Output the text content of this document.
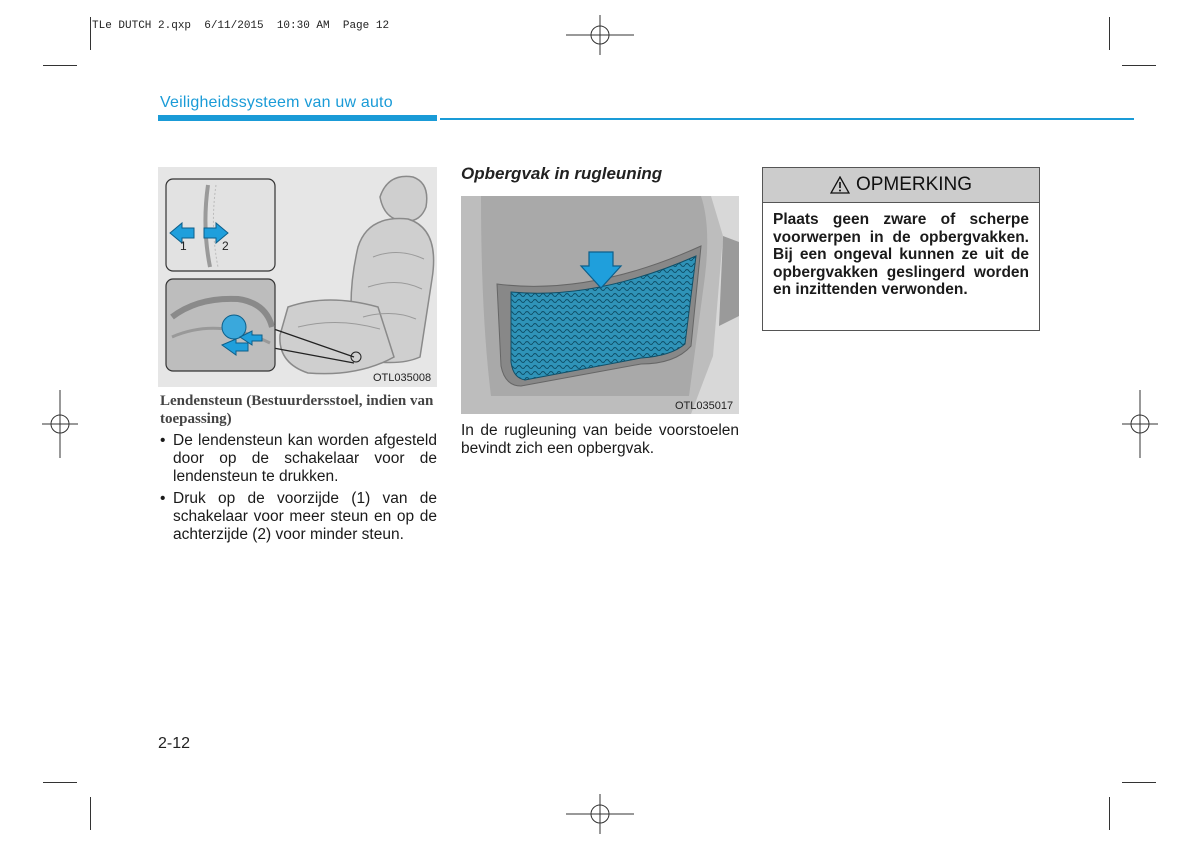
TLe DUTCH 2.qxp  6/11/2015  10:30 AM  Page 12
Veiligheidssysteem van uw auto
1	2
OTL035008
Lendensteun (Bestuurdersstoel, indien van toepassing)
• De lendensteun kan worden afgesteld door op de schakelaar voor de lendensteun te drukken.
• Druk op de voorzijde (1) van de schakelaar voor meer steun en op de achterzijde (2) voor minder steun.
Opbergvak in rugleuning
OTL035017
In de rugleuning van beide voorstoelen bevindt zich een opbergvak.
OPMERKING
Plaats geen zware of scherpe voorwerpen in de opbergvakken. Bij een ongeval kunnen ze uit de opbergvakken geslingerd worden en inzittenden verwonden.
2-12
